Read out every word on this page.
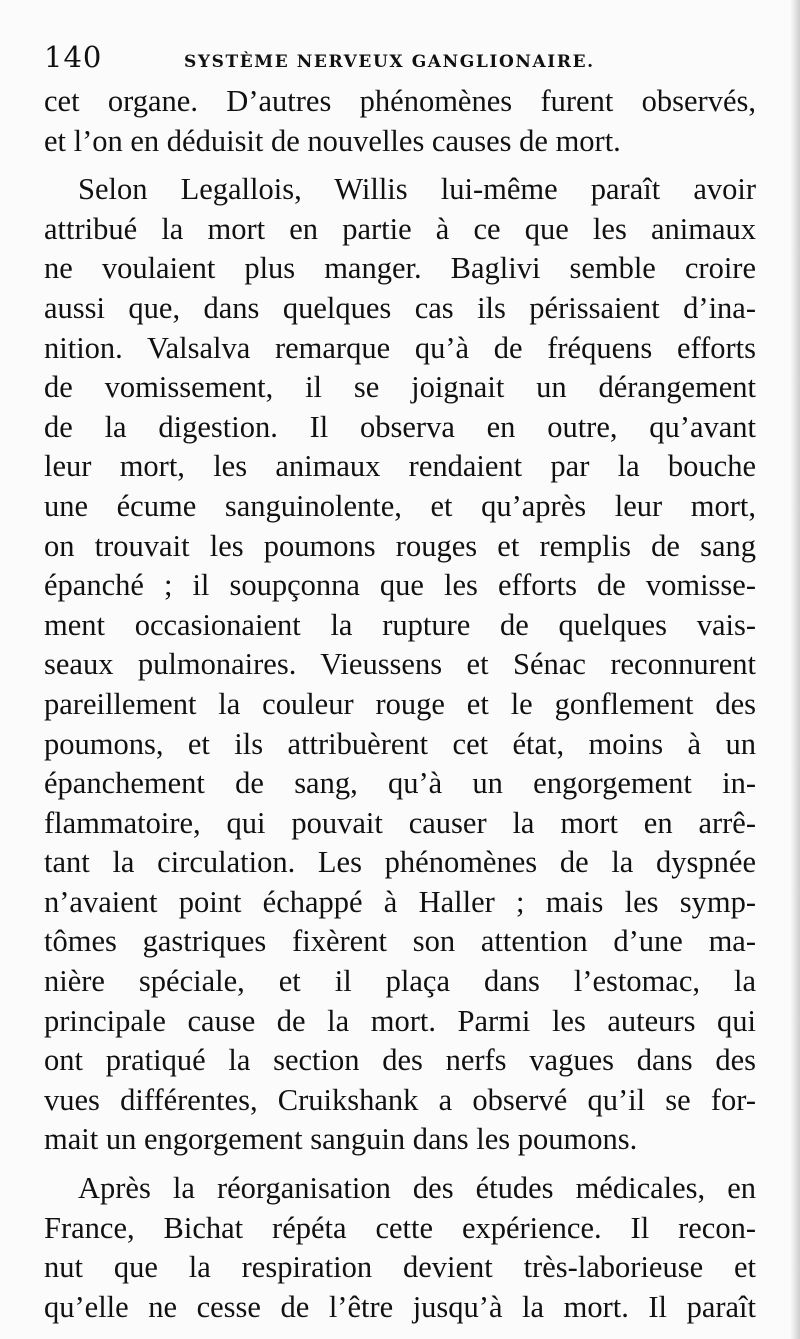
140	SYSTÈME NERVEUX GANGLIONAIRE.
cet organe. D’autres phénomènes furent observés,
et l’on en déduisit de nouvelles causes de mort.
Selon Legallois, Willis lui-même paraît avoir
attribué la mort en partie à ce que les animaux
ne voulaient plus manger. Baglivi semble croire
aussi que, dans quelques cas ils périssaient d’ina-
nition. Valsalva remarque qu’à de fréquens efforts
de vomissement, il se joignait un dérangement
de la digestion. Il observa en outre, qu’avant
leur mort, les animaux rendaient par la bouche
une écume sanguinolente, et qu’après leur mort,
on trouvait les poumons rouges et remplis de sang
épanché ; il soupçonna que les efforts de vomisse-
ment occasionaient la rupture de quelques vais-
seaux pulmonaires. Vieussens et Sénac reconnurent
pareillement la couleur rouge et le gonflement des
poumons, et ils attribuèrent cet état, moins à un
épanchement de sang, qu’à un engorgement in-
flammatoire, qui pouvait causer la mort en arrê-
tant la circulation. Les phénomènes de la dyspnée
n’avaient point échappé à Haller ; mais les symp-
tômes gastriques fixèrent son attention d’une ma-
nière spéciale, et il plaça dans l’estomac, la
principale cause de la mort. Parmi les auteurs qui
ont pratiqué la section des nerfs vagues dans des
vues différentes, Cruikshank a observé qu’il se for-
mait un engorgement sanguin dans les poumons.
Après la réorganisation des études médicales, en
France, Bichat répéta cette expérience. Il recon-
nut que la respiration devient très-laborieuse et
qu’elle ne cesse de l’être jusqu’à la mort. Il paraît
